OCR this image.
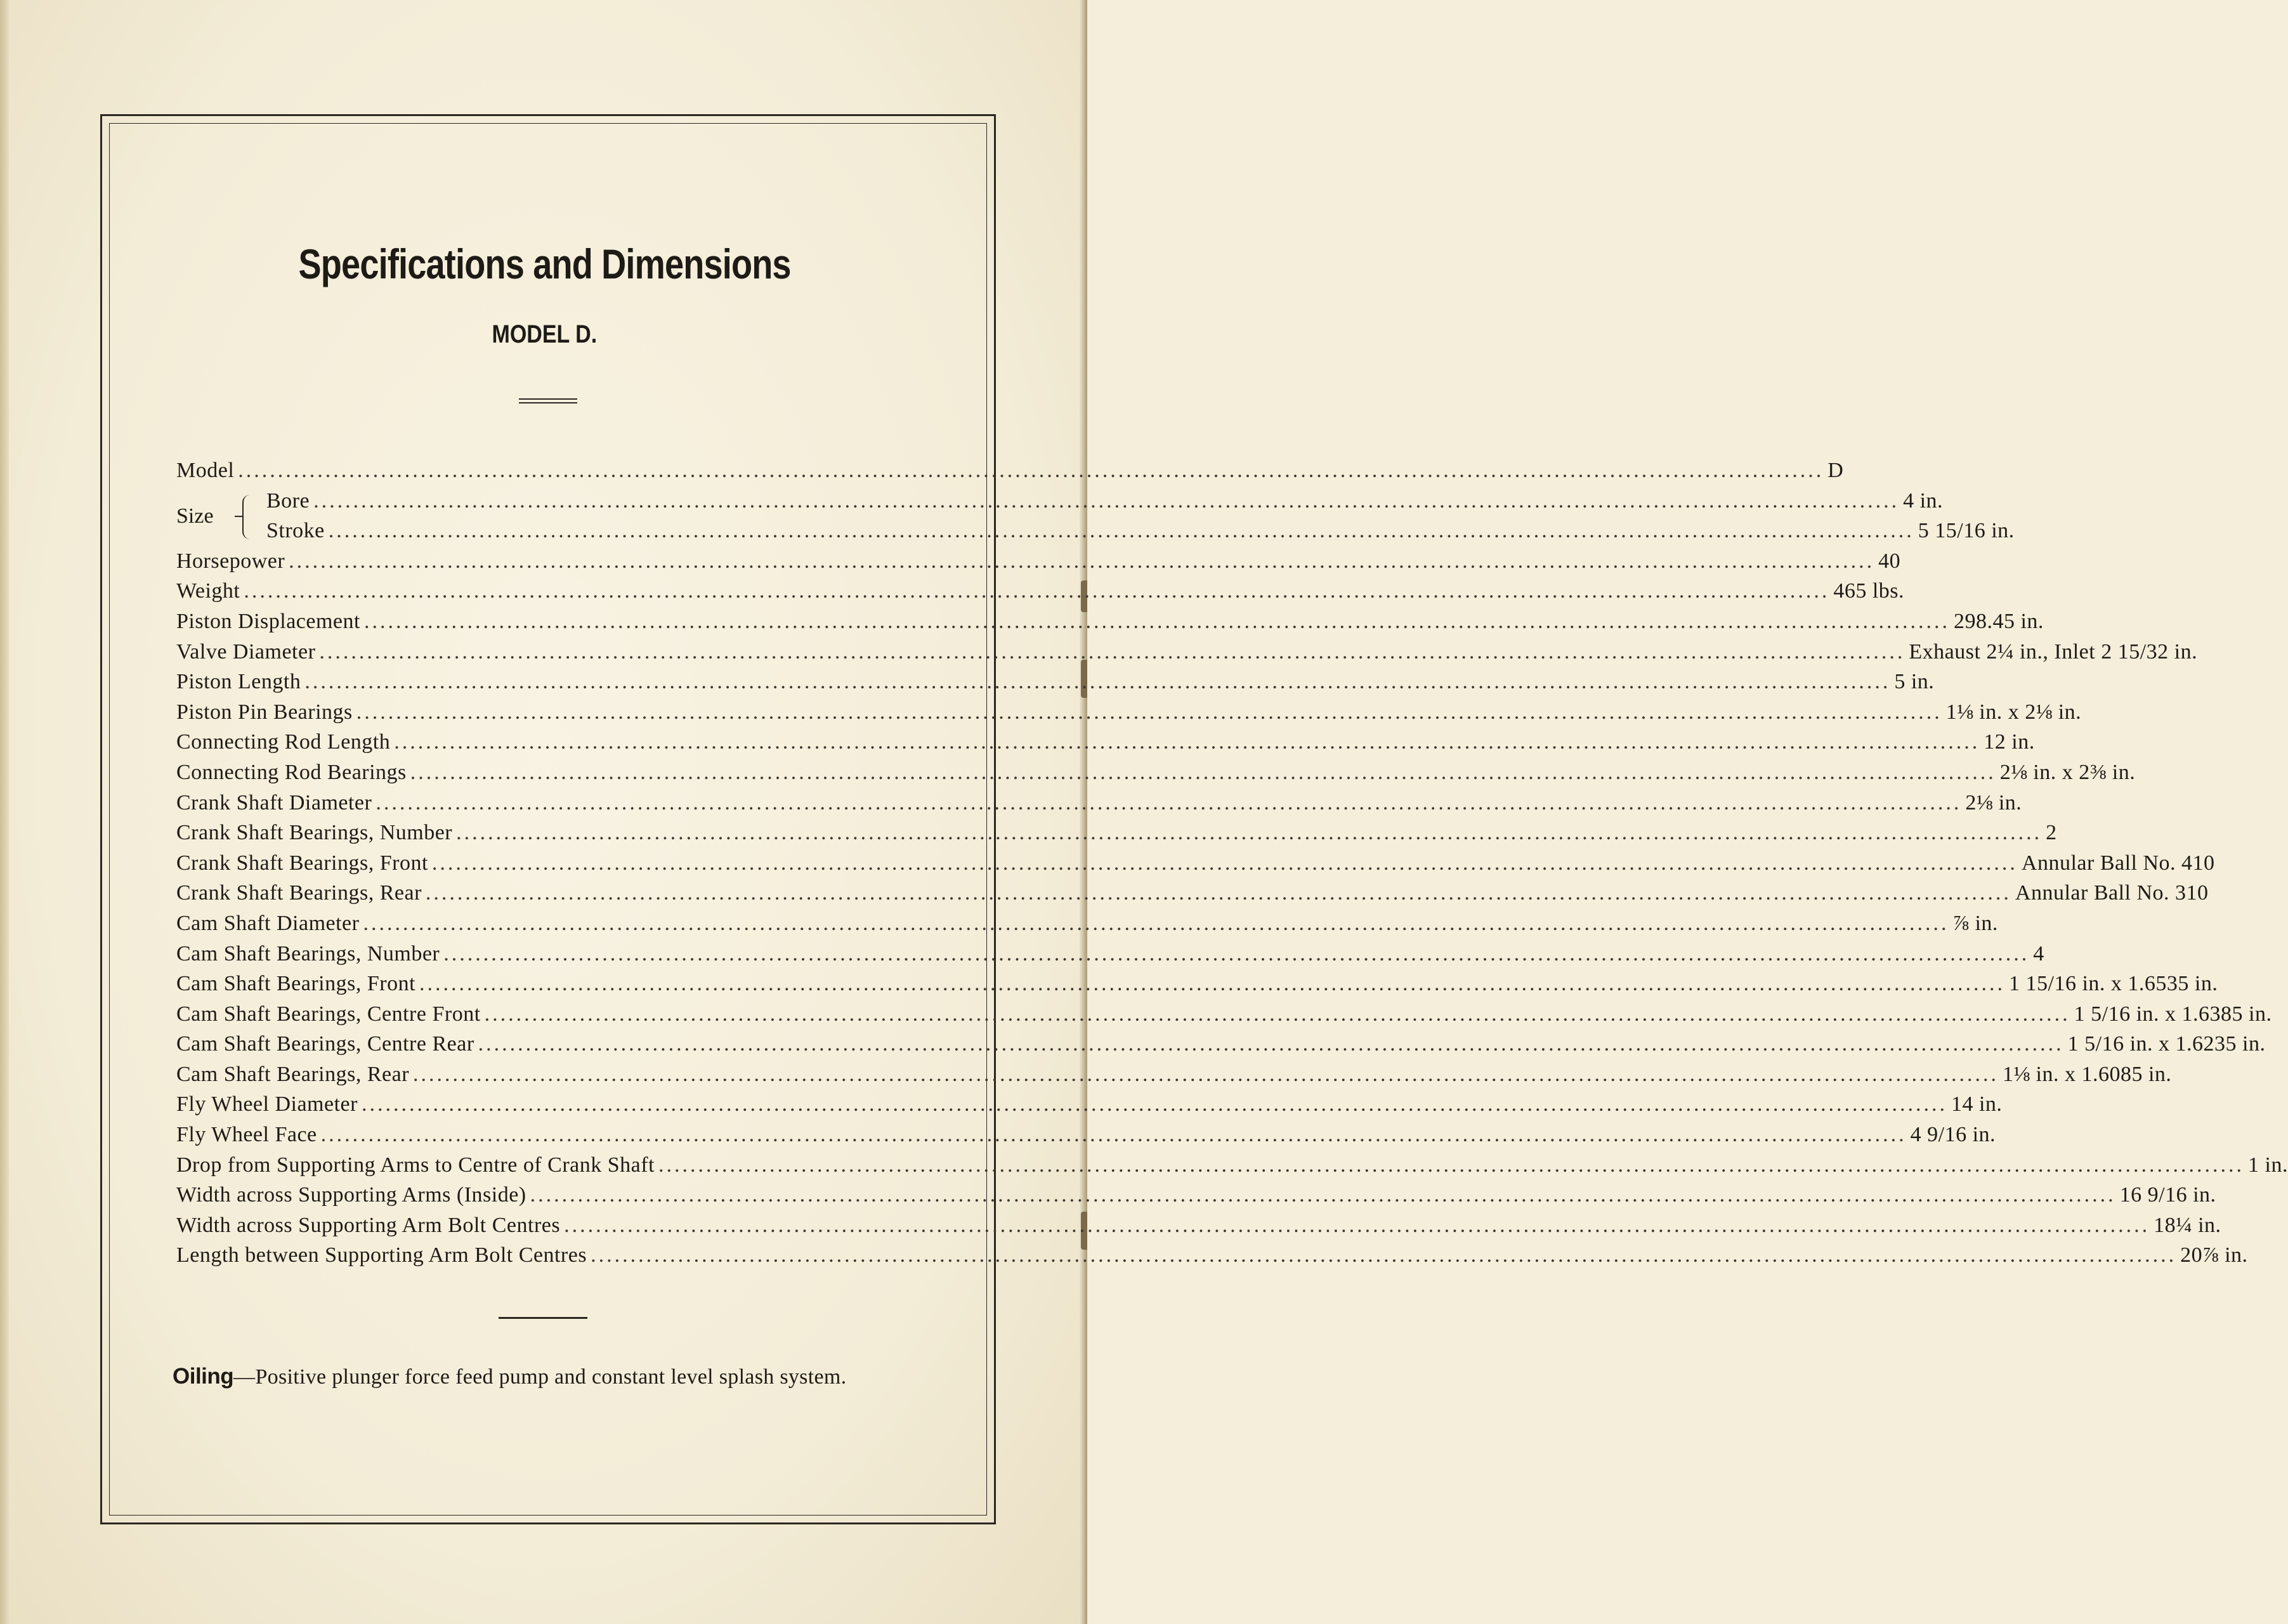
Specifications and Dimensions
MODEL D.
Model ........................................................................................................................................................................................................ D
Size
Bore ........................................................................................................................................................................................................ 4 in.
Stroke ........................................................................................................................................................................................................ 5 15/16 in.
Horsepower ........................................................................................................................................................................................................ 40
Weight ........................................................................................................................................................................................................ 465 lbs.
Piston Displacement ........................................................................................................................................................................................................ 298.45 in.
Valve Diameter ........................................................................................................................................................................................................ Exhaust 2¼ in., Inlet 2 15/32 in.
Piston Length ........................................................................................................................................................................................................ 5 in.
Piston Pin Bearings ........................................................................................................................................................................................................ 1⅛ in. x 2⅛ in.
Connecting Rod Length ........................................................................................................................................................................................................ 12 in.
Connecting Rod Bearings ........................................................................................................................................................................................................ 2⅛ in. x 2⅜ in.
Crank Shaft Diameter ........................................................................................................................................................................................................ 2⅛ in.
Crank Shaft Bearings, Number ........................................................................................................................................................................................................ 2
Crank Shaft Bearings, Front ........................................................................................................................................................................................................ Annular Ball No. 410
Crank Shaft Bearings, Rear ........................................................................................................................................................................................................ Annular Ball No. 310
Cam Shaft Diameter ........................................................................................................................................................................................................ ⅞ in.
Cam Shaft Bearings, Number ........................................................................................................................................................................................................ 4
Cam Shaft Bearings, Front ........................................................................................................................................................................................................ 1 15/16 in. x 1.6535 in.
Cam Shaft Bearings, Centre Front ........................................................................................................................................................................................................ 1 5/16 in. x 1.6385 in.
Cam Shaft Bearings, Centre Rear ........................................................................................................................................................................................................ 1 5/16 in. x 1.6235 in.
Cam Shaft Bearings, Rear ........................................................................................................................................................................................................ 1⅛ in. x 1.6085 in.
Fly Wheel Diameter ........................................................................................................................................................................................................ 14 in.
Fly Wheel Face ........................................................................................................................................................................................................ 4 9/16 in.
Drop from Supporting Arms to Centre of Crank Shaft ........................................................................................................................................................................................................ 1 in.
Width across Supporting Arms (Inside) ........................................................................................................................................................................................................ 16 9/16 in.
Width across Supporting Arm Bolt Centres ........................................................................................................................................................................................................ 18¼ in.
Length between Supporting Arm Bolt Centres ........................................................................................................................................................................................................ 20⅞ in.
Oiling—Positive plunger force feed pump and constant level splash system.
